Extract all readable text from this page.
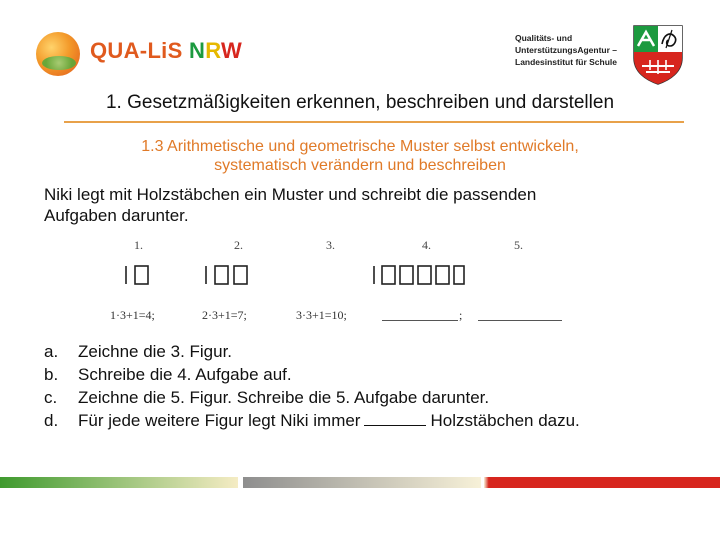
QUA-LiS NRW	Qualitäts- und
UnterstützungsAgentur –
Landesinstitut für Schule
1. Gesetzmäßigkeiten erkennen, beschreiben und darstellen
1.3 Arithmetische und geometrische Muster selbst entwickeln,
systematisch verändern und beschreiben
Niki legt mit Holzstäbchen ein Muster und schreibt die passenden
Aufgaben darunter.
1.	2.	3.	4.	5.
1·3+1=4;	2·3+1=7;	3·3+1=10;	;
a. Zeichne die 3. Figur.
b. Schreibe die 4. Aufgabe auf.
c. Zeichne die 5. Figur. Schreibe die 5. Aufgabe darunter.
d. Für jede weitere Figur legt Niki immer	Holzstäbchen dazu.
